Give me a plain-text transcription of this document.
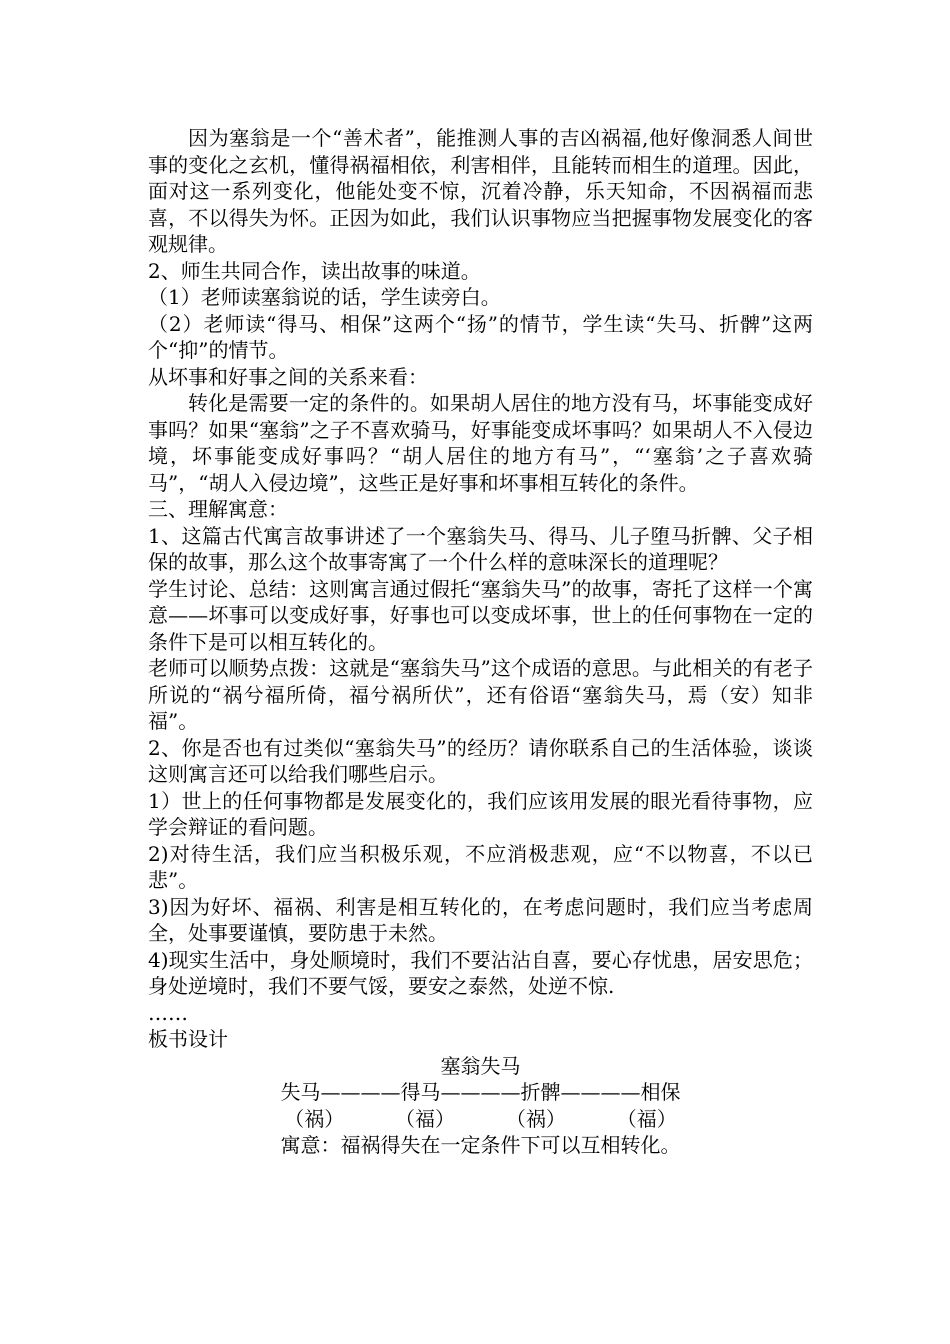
因为塞翁是一个“善术者”，能推测人事的吉凶祸福,他好像洞悉人间世事的变化之玄机，懂得祸福相依，利害相伴，且能转而相生的道理。因此，面对这一系列变化，他能处变不惊，沉着冷静，乐天知命，不因祸福而悲喜，不以得失为怀。正因为如此，我们认识事物应当把握事物发展变化的客观规律。

2、师生共同合作，读出故事的味道。

（1）老师读塞翁说的话，学生读旁白。

（2）老师读“得马、相保”这两个“扬”的情节，学生读“失马、折髀”这两个“抑”的情节。

从坏事和好事之间的关系来看：

转化是需要一定的条件的。如果胡人居住的地方没有马，坏事能变成好事吗？如果“塞翁”之子不喜欢骑马，好事能变成坏事吗？如果胡人不入侵边境，坏事能变成好事吗？“胡人居住的地方有马”，“‘塞翁’之子喜欢骑马”，“胡人入侵边境”，这些正是好事和坏事相互转化的条件。

三、理解寓意：

1、这篇古代寓言故事讲述了一个塞翁失马、得马、儿子堕马折髀、父子相保的故事，那么这个故事寄寓了一个什么样的意味深长的道理呢？

学生讨论、总结：这则寓言通过假托“塞翁失马”的故事，寄托了这样一个寓意——坏事可以变成好事，好事也可以变成坏事，世上的任何事物在一定的条件下是可以相互转化的。

老师可以顺势点拨：这就是“塞翁失马”这个成语的意思。与此相关的有老子所说的“祸兮福所倚，福兮祸所伏”，还有俗语“塞翁失马，焉（安）知非福”。

2、你是否也有过类似“塞翁失马”的经历？请你联系自己的生活体验，谈谈这则寓言还可以给我们哪些启示。

1）世上的任何事物都是发展变化的，我们应该用发展的眼光看待事物，应学会辩证的看问题。

2)对待生活，我们应当积极乐观，不应消极悲观，应“不以物喜，不以已悲”。

3)因为好坏、福祸、利害是相互转化的，在考虑问题时，我们应当考虑周全，处事要谨慎，要防患于未然。

4)现实生活中，身处顺境时，我们不要沾沾自喜，要心存忧患，居安思危；身处逆境时，我们不要气馁，要安之泰然，处逆不惊.

……

板书设计

塞翁失马
失马————得马————折髀————相保
（祸）        （福）        （祸）        （福）
寓意：福祸得失在一定条件下可以互相转化。
